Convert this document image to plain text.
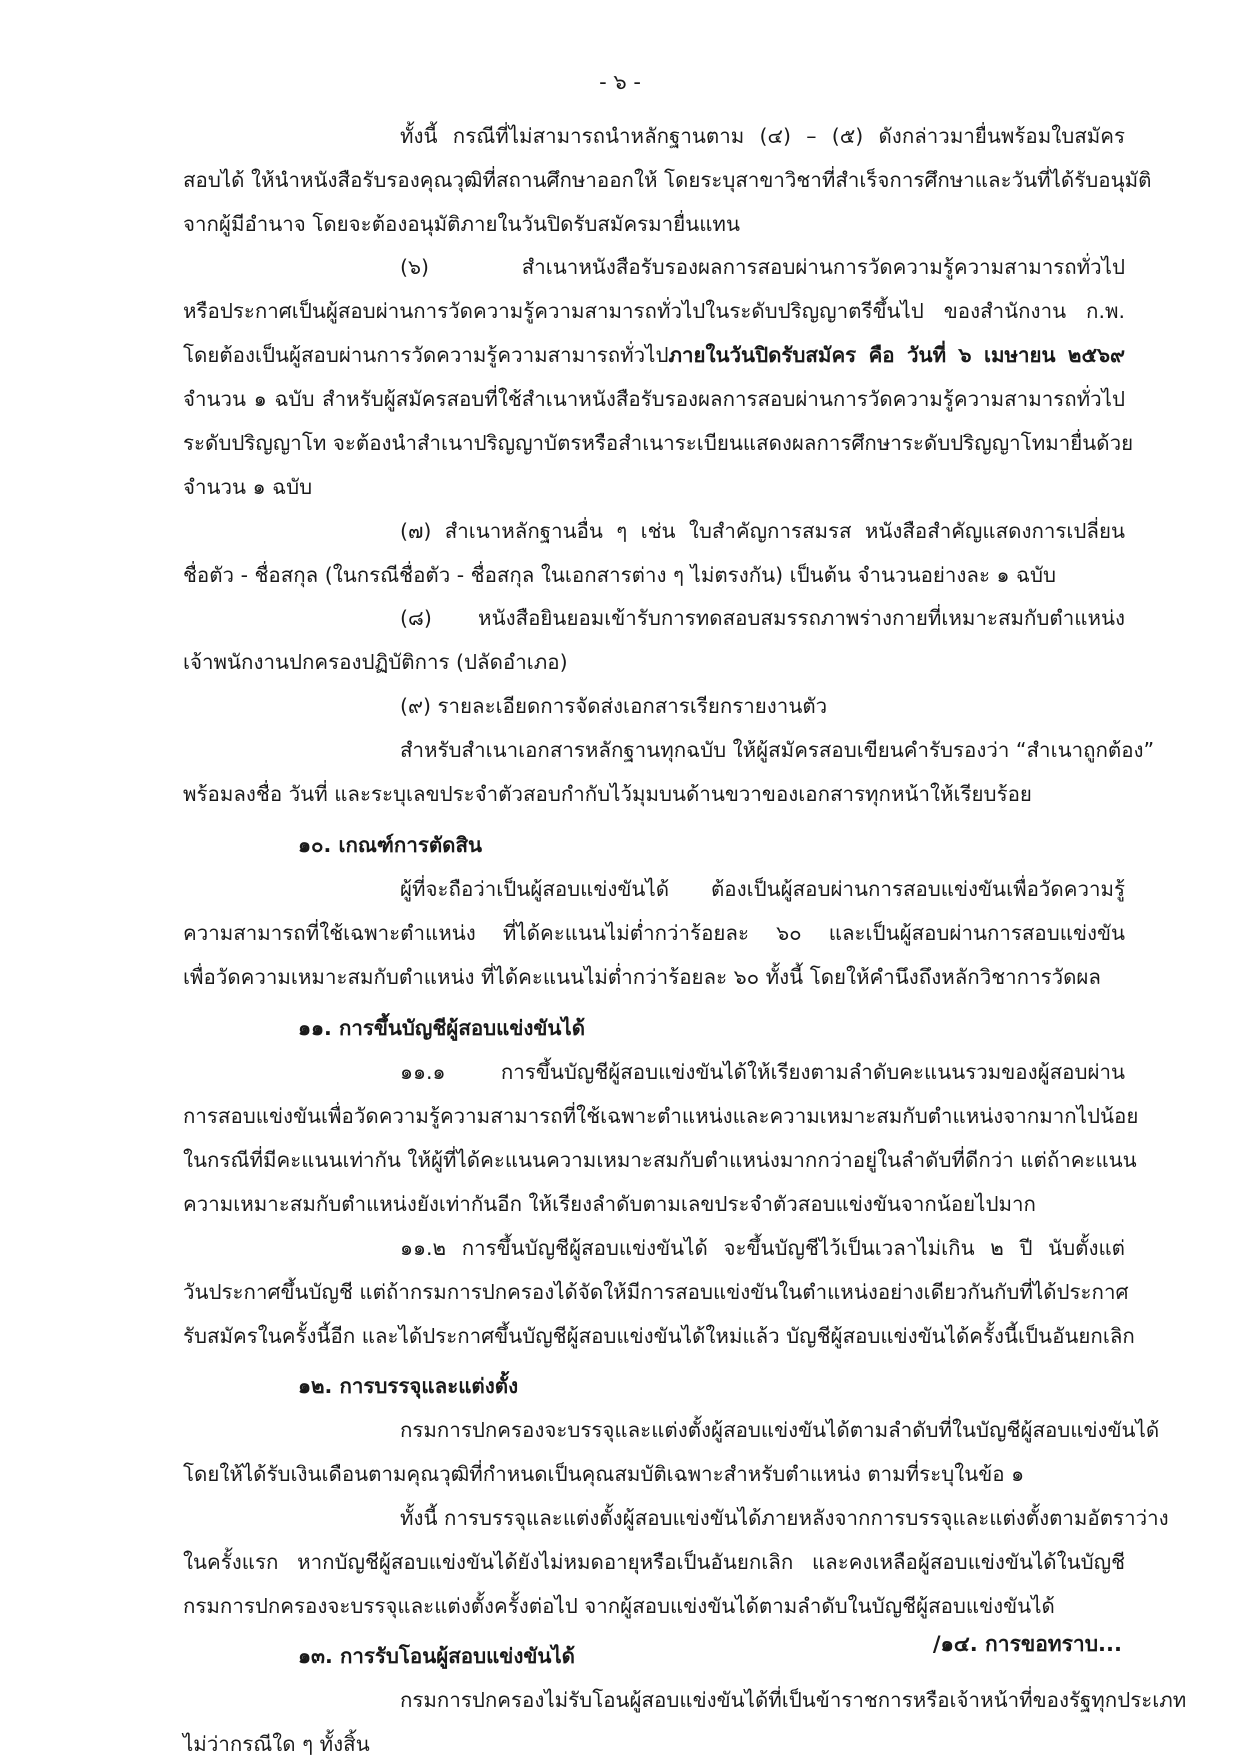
- ๖ -
ทั้งนี้ กรณีที่ไม่สามารถนำหลักฐานตาม (๔) – (๕) ดังกล่าวมายื่นพร้อมใบสมัคร
สอบได้ ให้นำหนังสือรับรองคุณวุฒิที่สถานศึกษาออกให้ โดยระบุสาขาวิชาที่สำเร็จการศึกษาและวันที่ได้รับอนุมัติ
จากผู้มีอำนาจ โดยจะต้องอนุมัติภายในวันปิดรับสมัครมายื่นแทน
(๖) สำเนาหนังสือรับรองผลการสอบผ่านการวัดความรู้ความสามารถทั่วไป
หรือประกาศเป็นผู้สอบผ่านการวัดความรู้ความสามารถทั่วไปในระดับปริญญาตรีขึ้นไป ของสำนักงาน ก.พ.
โดยต้องเป็นผู้สอบผ่านการวัดความรู้ความสามารถทั่วไปภายในวันปิดรับสมัคร คือ วันที่ ๖ เมษายน ๒๕๖๙
จำนวน ๑ ฉบับ สำหรับผู้สมัครสอบที่ใช้สำเนาหนังสือรับรองผลการสอบผ่านการวัดความรู้ความสามารถทั่วไป
ระดับปริญญาโท จะต้องนำสำเนาปริญญาบัตรหรือสำเนาระเบียนแสดงผลการศึกษาระดับปริญญาโทมายื่นด้วย
จำนวน ๑ ฉบับ
(๗) สำเนาหลักฐานอื่น ๆ เช่น ใบสำคัญการสมรส หนังสือสำคัญแสดงการเปลี่ยน
ชื่อตัว - ชื่อสกุล (ในกรณีชื่อตัว - ชื่อสกุล ในเอกสารต่าง ๆ ไม่ตรงกัน) เป็นต้น จำนวนอย่างละ ๑ ฉบับ
(๘) หนังสือยินยอมเข้ารับการทดสอบสมรรถภาพร่างกายที่เหมาะสมกับตำแหน่ง
เจ้าพนักงานปกครองปฏิบัติการ (ปลัดอำเภอ)
(๙) รายละเอียดการจัดส่งเอกสารเรียกรายงานตัว
สำหรับสำเนาเอกสารหลักฐานทุกฉบับ ให้ผู้สมัครสอบเขียนคำรับรองว่า “สำเนาถูกต้อง”
พร้อมลงชื่อ วันที่ และระบุเลขประจำตัวสอบกำกับไว้มุมบนด้านขวาของเอกสารทุกหน้าให้เรียบร้อย
๑๐. เกณฑ์การตัดสิน
ผู้ที่จะถือว่าเป็นผู้สอบแข่งขันได้ ต้องเป็นผู้สอบผ่านการสอบแข่งขันเพื่อวัดความรู้
ความสามารถที่ใช้เฉพาะตำแหน่ง ที่ได้คะแนนไม่ต่ำกว่าร้อยละ ๖๐ และเป็นผู้สอบผ่านการสอบแข่งขัน
เพื่อวัดความเหมาะสมกับตำแหน่ง ที่ได้คะแนนไม่ต่ำกว่าร้อยละ ๖๐ ทั้งนี้ โดยให้คำนึงถึงหลักวิชาการวัดผล
๑๑. การขึ้นบัญชีผู้สอบแข่งขันได้
๑๑.๑ การขึ้นบัญชีผู้สอบแข่งขันได้ให้เรียงตามลำดับคะแนนรวมของผู้สอบผ่าน
การสอบแข่งขันเพื่อวัดความรู้ความสามารถที่ใช้เฉพาะตำแหน่งและความเหมาะสมกับตำแหน่งจากมากไปน้อย
ในกรณีที่มีคะแนนเท่ากัน ให้ผู้ที่ได้คะแนนความเหมาะสมกับตำแหน่งมากกว่าอยู่ในลำดับที่ดีกว่า แต่ถ้าคะแนน
ความเหมาะสมกับตำแหน่งยังเท่ากันอีก ให้เรียงลำดับตามเลขประจำตัวสอบแข่งขันจากน้อยไปมาก
๑๑.๒ การขึ้นบัญชีผู้สอบแข่งขันได้ จะขึ้นบัญชีไว้เป็นเวลาไม่เกิน ๒ ปี นับตั้งแต่
วันประกาศขึ้นบัญชี แต่ถ้ากรมการปกครองได้จัดให้มีการสอบแข่งขันในตำแหน่งอย่างเดียวกันกับที่ได้ประกาศ
รับสมัครในครั้งนี้อีก และได้ประกาศขึ้นบัญชีผู้สอบแข่งขันได้ใหม่แล้ว บัญชีผู้สอบแข่งขันได้ครั้งนี้เป็นอันยกเลิก
๑๒. การบรรจุและแต่งตั้ง
กรมการปกครองจะบรรจุและแต่งตั้งผู้สอบแข่งขันได้ตามลำดับที่ในบัญชีผู้สอบแข่งขันได้
โดยให้ได้รับเงินเดือนตามคุณวุฒิที่กำหนดเป็นคุณสมบัติเฉพาะสำหรับตำแหน่ง ตามที่ระบุในข้อ ๑
ทั้งนี้ การบรรจุและแต่งตั้งผู้สอบแข่งขันได้ภายหลังจากการบรรจุและแต่งตั้งตามอัตราว่าง
ในครั้งแรก หากบัญชีผู้สอบแข่งขันได้ยังไม่หมดอายุหรือเป็นอันยกเลิก และคงเหลือผู้สอบแข่งขันได้ในบัญชี
กรมการปกครองจะบรรจุและแต่งตั้งครั้งต่อไป จากผู้สอบแข่งขันได้ตามลำดับในบัญชีผู้สอบแข่งขันได้
๑๓. การรับโอนผู้สอบแข่งขันได้
กรมการปกครองไม่รับโอนผู้สอบแข่งขันได้ที่เป็นข้าราชการหรือเจ้าหน้าที่ของรัฐทุกประเภท
ไม่ว่ากรณีใด ๆ ทั้งสิ้น
/๑๔. การขอทราบ...
